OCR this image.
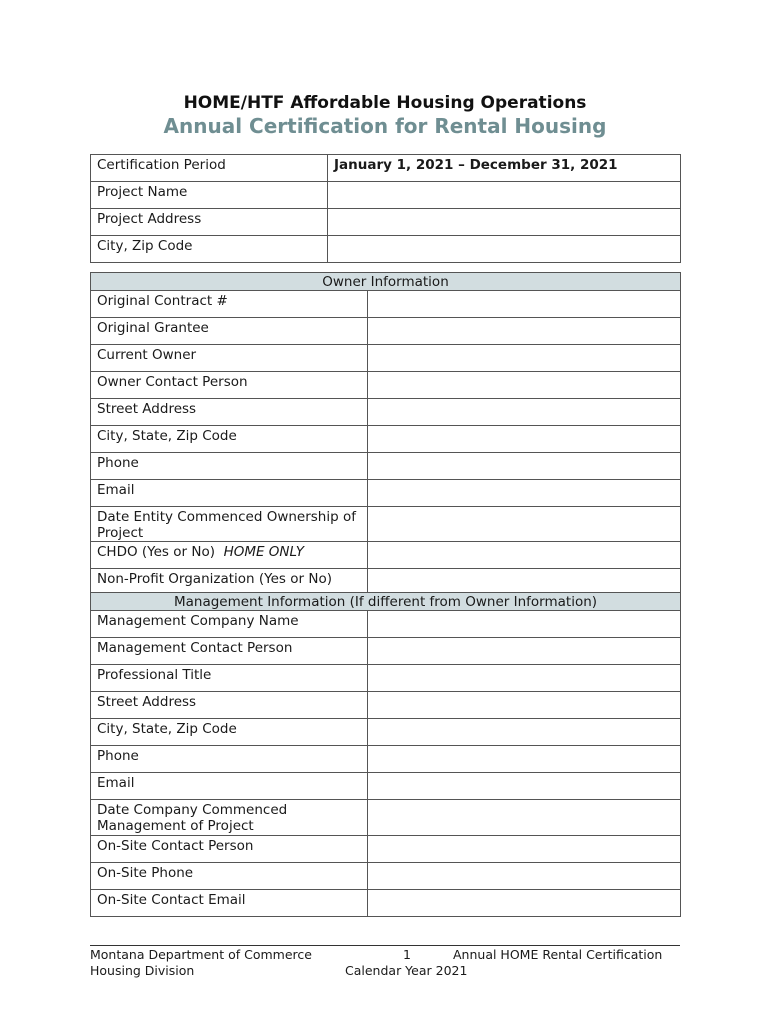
HOME/HTF Affordable Housing Operations
Annual Certification for Rental Housing
Certification Period	January 1, 2021 – December 31, 2021
Project Name	
Project Address	
City, Zip Code	
Owner Information	
Original Contract #	
Original Grantee	
Current Owner	
Owner Contact Person	
Street Address	
City, State, Zip Code	
Phone	
Email	
Date Entity Commenced Ownership of Project	
CHDO (Yes or No) HOME ONLY	
Non-Profit Organization (Yes or No)	
Management Information (If different from Owner Information)	
Management Company Name	
Management Contact Person	
Professional Title	
Street Address	
City, State, Zip Code	
Phone	
Email	
Date Company Commenced Management of Project	
On-Site Contact Person	
On-Site Phone	
On-Site Contact Email	
Montana Department of Commerce
Housing Division
1	Annual HOME Rental Certification
Calendar Year 2021
